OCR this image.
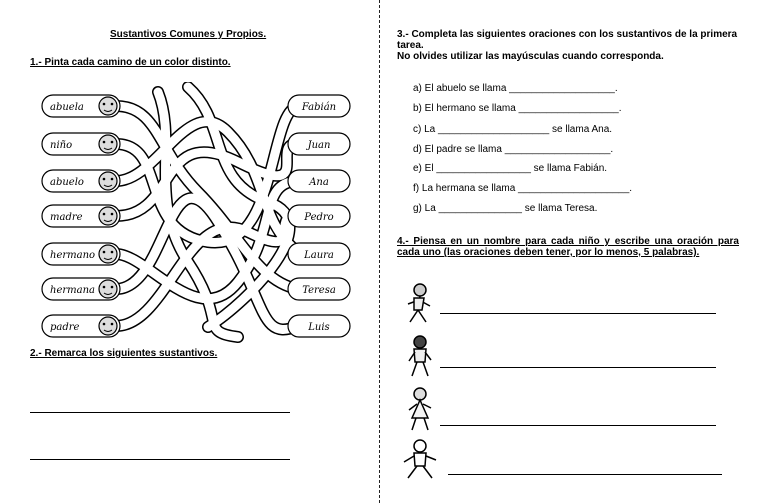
Sustantivos Comunes y Propios.
1.- Pinta cada camino de un color distinto.
abuela
niño
abuelo
madre
hermano
hermana
padre
Fabián
Juan
Ana
Pedro
Laura
Teresa
Luis
2.- Remarca los siguientes sustantivos.
3.- Completa las siguientes oraciones con los sustantivos de la primera tarea.
No olvides utilizar las mayúsculas cuando corresponda.
a) El abuelo se llama ___________________.
b) El hermano se llama __________________.
c) La ____________________ se llama Ana.
d) El padre se llama ___________________.
e) El _________________ se llama Fabián.
f) La hermana se llama ____________________.
g) La _______________ se llama Teresa.
4.- Piensa en un nombre para cada niño y escribe una oración para cada uno (las oraciones deben tener, por lo menos, 5 palabras).
